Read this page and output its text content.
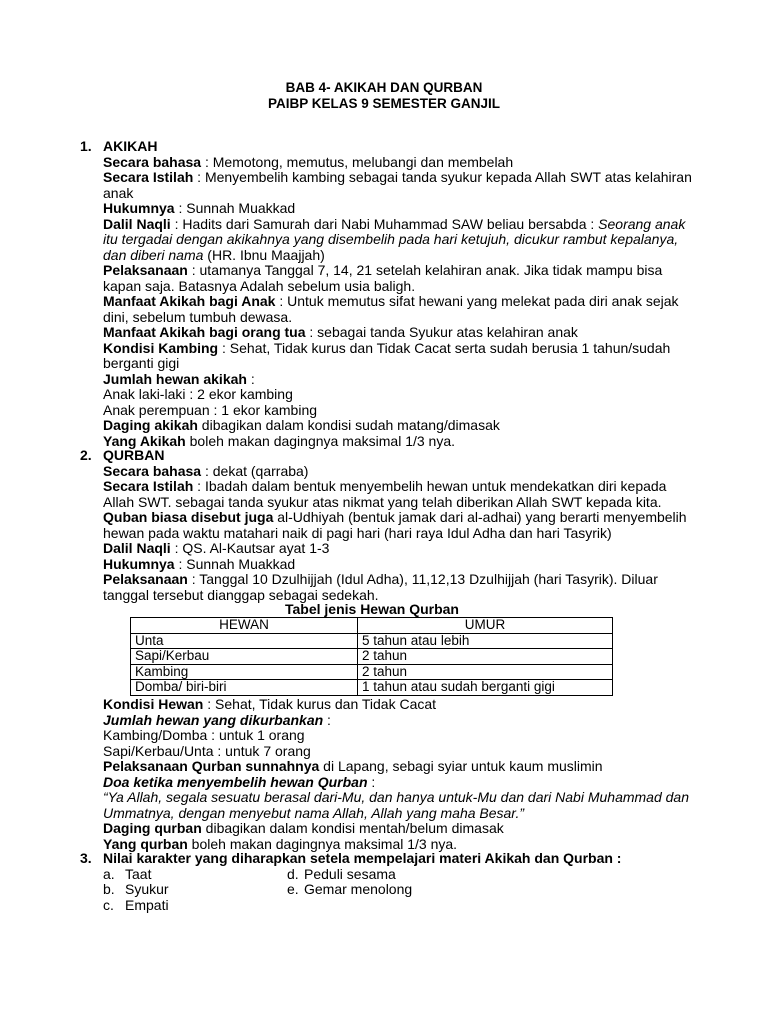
BAB 4- AKIKAH DAN QURBAN
PAIBP KELAS 9 SEMESTER GANJIL
1. AKIKAH
Secara bahasa : Memotong, memutus, melubangi dan membelah
Secara Istilah : Menyembelih kambing sebagai tanda syukur kepada Allah SWT atas kelahiran
anak
Hukumnya : Sunnah Muakkad
Dalil Naqli : Hadits dari Samurah dari Nabi Muhammad SAW beliau bersabda : Seorang anak
itu tergadai dengan akikahnya yang disembelih pada hari ketujuh, dicukur rambut kepalanya,
dan diberi nama (HR. Ibnu Maajjah)
Pelaksanaan : utamanya Tanggal 7, 14, 21 setelah kelahiran anak. Jika tidak mampu bisa
kapan saja. Batasnya Adalah sebelum usia baligh.
Manfaat Akikah bagi Anak : Untuk memutus sifat hewani yang melekat pada diri anak sejak
dini, sebelum tumbuh dewasa.
Manfaat Akikah bagi orang tua : sebagai tanda Syukur atas kelahiran anak
Kondisi Kambing : Sehat, Tidak kurus dan Tidak Cacat serta sudah berusia 1 tahun/sudah
berganti gigi
Jumlah hewan akikah :
Anak laki-laki : 2 ekor kambing
Anak perempuan : 1 ekor kambing
Daging akikah dibagikan dalam kondisi sudah matang/dimasak
Yang Akikah boleh makan dagingnya maksimal 1/3 nya.
2. QURBAN
Secara bahasa : dekat (qarraba)
Secara Istilah : Ibadah dalam bentuk menyembelih hewan untuk mendekatkan diri kepada
Allah SWT. sebagai tanda syukur atas nikmat yang telah diberikan Allah SWT kepada kita.
Quban biasa disebut juga al-Udhiyah (bentuk jamak dari al-adhai) yang berarti menyembelih
hewan pada waktu matahari naik di pagi hari (hari raya Idul Adha dan hari Tasyrik)
Dalil Naqli : QS. Al-Kautsar ayat 1-3
Hukumnya : Sunnah Muakkad
Pelaksanaan : Tanggal 10 Dzulhijjah (Idul Adha), 11,12,13 Dzulhijjah (hari Tasyrik). Diluar
tanggal tersebut dianggap sebagai sedekah.
Tabel jenis Hewan Qurban
HEWAN	UMUR
Unta	5 tahun atau lebih
Sapi/Kerbau	2 tahun
Kambing	2 tahun
Domba/ biri-biri	1 tahun atau sudah berganti gigi
Kondisi Hewan : Sehat, Tidak kurus dan Tidak Cacat
Jumlah hewan yang dikurbankan :
Kambing/Domba : untuk 1 orang
Sapi/Kerbau/Unta : untuk 7 orang
Pelaksanaan Qurban sunnahnya di Lapang, sebagi syiar untuk kaum muslimin
Doa ketika menyembelih hewan Qurban :
“Ya Allah, segala sesuatu berasal dari-Mu, dan hanya untuk-Mu dan dari Nabi Muhammad dan
Ummatnya, dengan menyebut nama Allah, Allah yang maha Besar.”
Daging qurban dibagikan dalam kondisi mentah/belum dimasak
Yang qurban boleh makan dagingnya maksimal 1/3 nya.
3. Nilai karakter yang diharapkan setela mempelajari materi Akikah dan Qurban :
a. Taat
b. Syukur
c. Empati
d. Peduli sesama
e. Gemar menolong
